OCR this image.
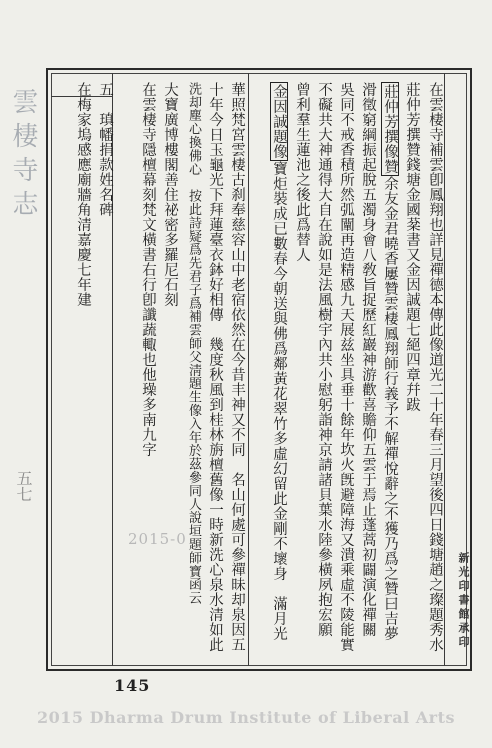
雲棲寺志
五七	在雲棲寺補雲卽鳳翔也詳見禪德本傳此像道光二十年春三月望後四日錢塘趙之璨題秀水
莊仲芳撰贊錢塘金國棻書又金因誠題七絕四章幷跋
莊仲芳撰像贊余友金君曉香屢贊雲棲鳳翔師行義予不解禪悅辭之不獲乃爲之贊曰吉夢
滑徵窮綱振起脫五濁身會八敎旨捉歷紅巖神游歡喜贍仰五雲于焉止蓬蒿初闢演化禪關
吳同不戒香積所然弧闡再造精感九天展兹坐具垂十餘年坎火旣避障海又潰乘虛不陵能實
不礙共大神通得大自在說如是法風樹宇內共小慰躬詣神京請諸貝葉水陸參橫夙抱宏願
曾利羣生蓮池之後此爲替人
金因誠題像寶炬裝成已數春今朝送與佛爲鄰黃花翠竹多虛幻留此金剛不壞身　滿月光
華照梵宮雲棲古刹奉慈容山中老宿依然在今昔丰神又不同　名山何處可參禪昧却泉因五
十年今日玉龜光下拜蓮臺衣鉢好相傳　幾度秋風到桂林旃檀舊像一時新洗心泉水清如此
洗却塵心換佛心　按此詩疑爲先君子爲補雲師父淸題生像入年於茲參同人說垣題師寶函云
大寶廣博樓閣善住祕密多羅尼石刻
在雲棲寺隱檀幕刻梵文橫書右行卽讖蔬輙也他璪多南九字
五　瑱幡捐款姓名碑
在梅家塢感應廟牆角清嘉慶七年建
新光印書館承印
145
2015-0
2015 Dharma Drum Institute of Liberal Arts
